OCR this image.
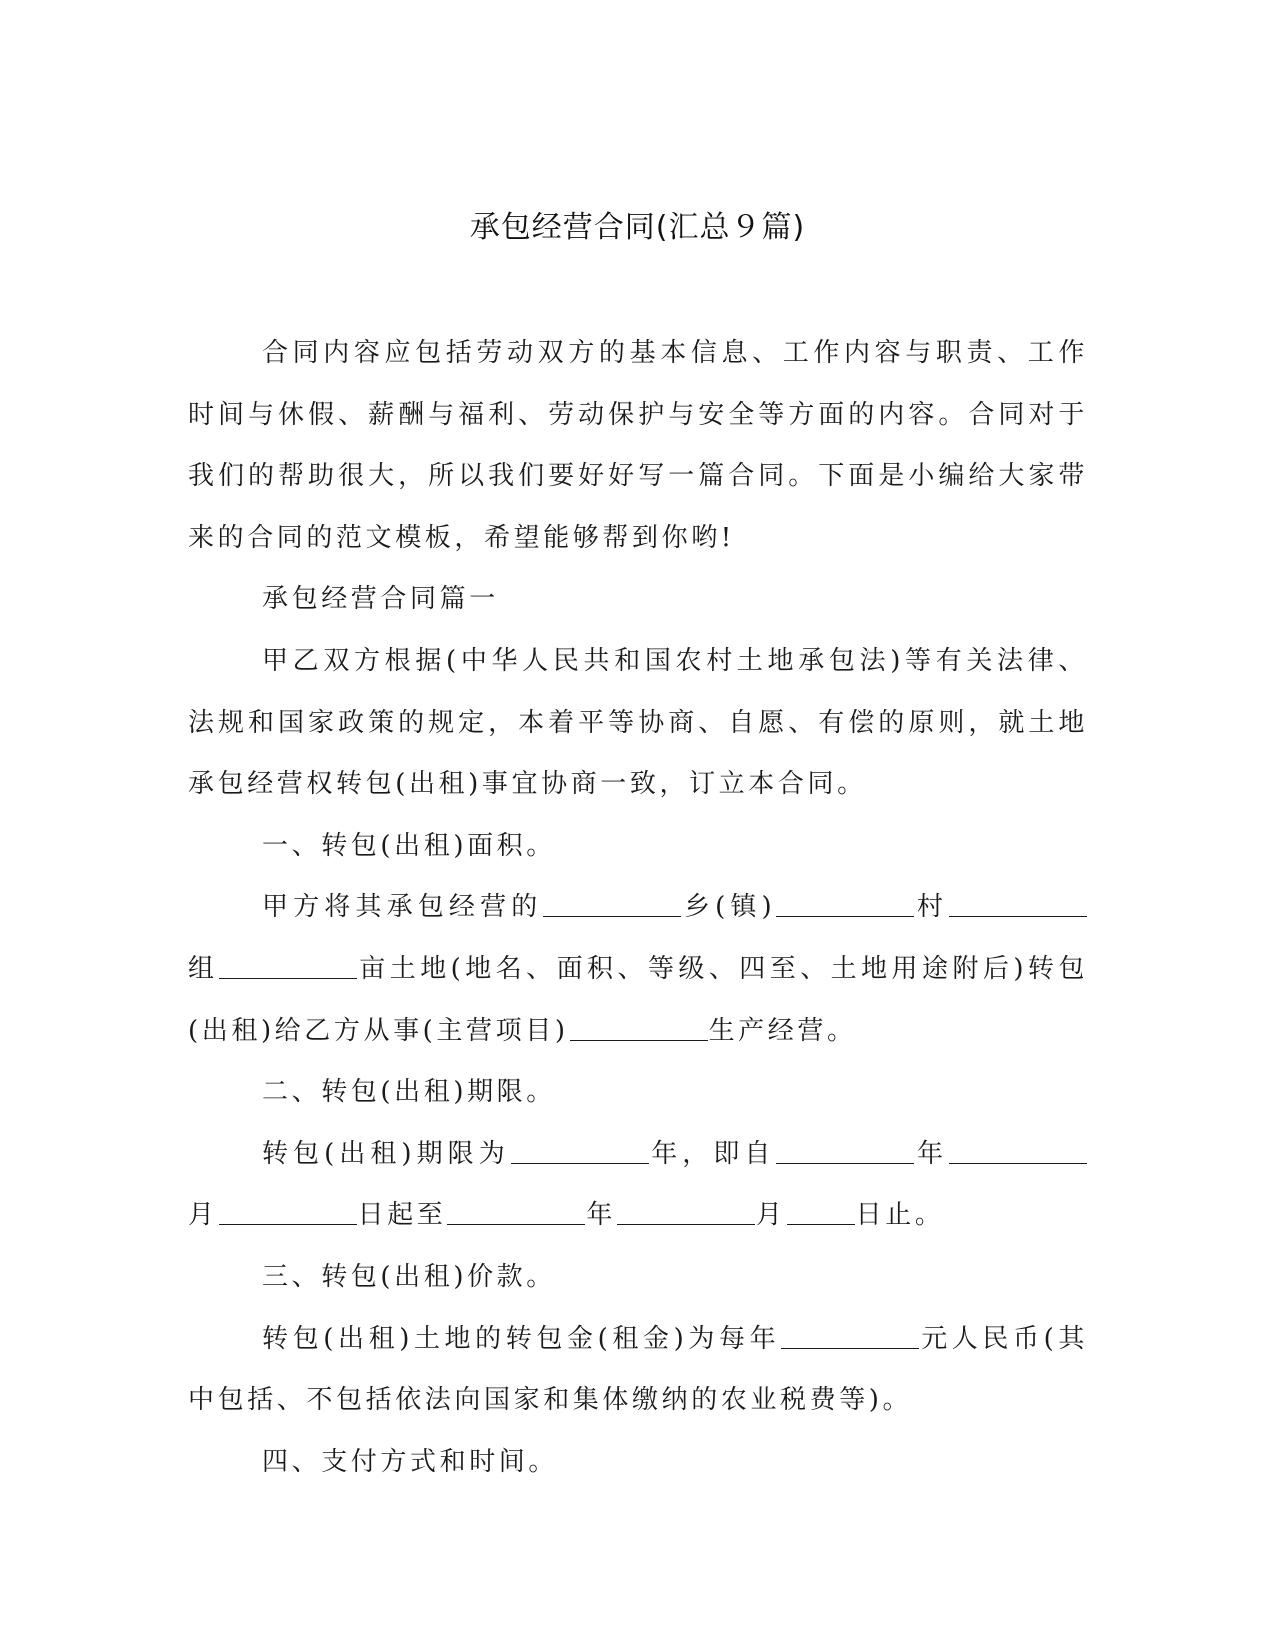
承包经营合同(汇总９篇)

合同内容应包括劳动双方的基本信息、工作内容与职责、工作时间与休假、薪酬与福利、劳动保护与安全等方面的内容。合同对于我们的帮助很大，所以我们要好好写一篇合同。下面是小编给大家带来的合同的范文模板，希望能够帮到你哟!

承包经营合同篇一

甲乙双方根据(中华人民共和国农村土地承包法)等有关法律、法规和国家政策的规定，本着平等协商、自愿、有偿的原则，就土地承包经营权转包(出租)事宜协商一致，订立本合同。

一、转包(出租)面积。

甲方将其承包经营的	乡(镇)	村组	亩土地(地名、面积、等级、四至、土地用途附后)转包(出租)给乙方从事(主营项目)	生产经营。

二、转包(出租)期限。

转包(出租)期限为	年，即自	年月	日起至	年	月	日止。

三、转包(出租)价款。

转包(出租)土地的转包金(租金)为每年	元人民币(其中包括、不包括依法向国家和集体缴纳的农业税费等)。

四、支付方式和时间。
